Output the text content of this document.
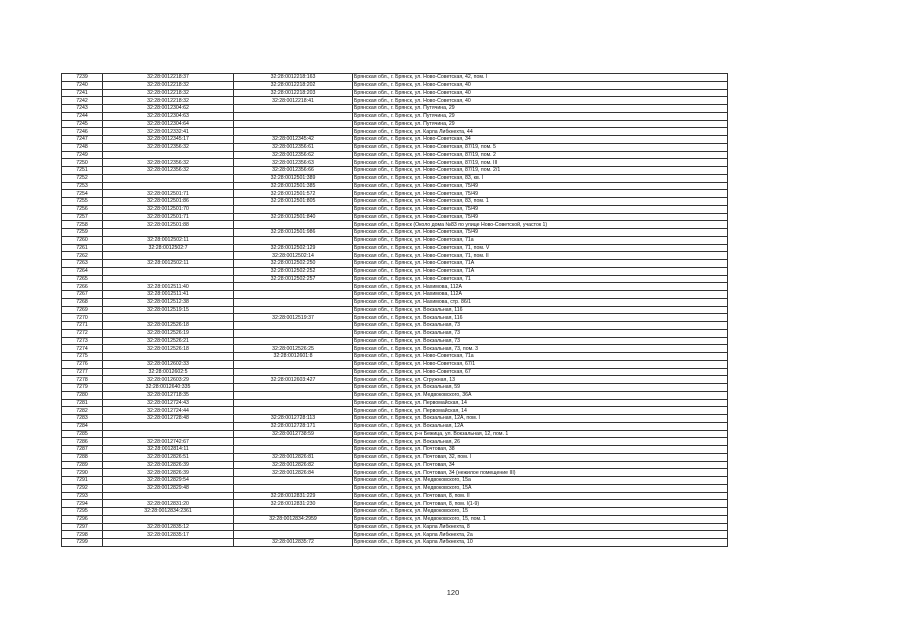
7239	32:28:0012218:37	32:28:0012218:163	Брянская обл., г. Брянск, ул. Ново-Советская, 42, пом. I
7240	32:28:0012218:32	32:28:0012218:202	Брянская обл., г. Брянск, ул. Ново-Советская, 40
7241	32:28:0012218:32	32:28:0012218:203	Брянская обл., г. Брянск, ул. Ново-Советская, 40
7242	32:28:0012218:32	32:28:0012218:41	Брянская обл., г. Брянск, ул. Ново-Советская, 40
7243	32:28:0012304:62		Брянская обл., г. Брянск, ул. Путячина, 29
7244	32:28:0012304:63		Брянская обл., г. Брянск, ул. Путячина, 29
7245	32:28:0012304:64		Брянская обл., г. Брянск, ул. Путячина, 29
7246	32:28:0012332:41		Брянская обл., г. Брянск, ул. Карла Либкнехта, 44
7247	32:28:0012345:17	32:28:0012345:42	Брянская обл., г. Брянск, ул. Ново-Советская, 34
7248	32:28:0012356:32	32:28:0012356:61	Брянская обл., г. Брянск, ул. Ново-Советская, 87/19, пом. 5
7249		32:28:0012356:62	Брянская обл., г. Брянск, ул. Ново-Советская, 87/19, пом. 2
7250	32:28:0012356:32	32:28:0012356:63	Брянская обл., г. Брянск, ул. Ново-Советская, 87/19, пом. III
7251	32:28:0012356:32	32:28:0012356:66	Брянская обл., г. Брянск, ул. Ново-Советская, 87/19, пом. 2/1
7252		32:28:0012501:389	Брянская обл., г. Брянск, ул. Ново-Советская, 83, кв. I
7253		32:28:0012501:385	Брянская обл., г. Брянск, ул. Ново-Советская, 75/49
7254	32:28:0012501:71	32:28:0012501:572	Брянская обл., г. Брянск, ул. Ново-Советская, 75/49
7255	32:28:0012501:86	32:28:0012501:805	Брянская обл., г. Брянск, ул. Ново-Советская, 83, пом. 1
7256	32:28:0012501:70		Брянская обл., г. Брянск, ул. Ново-Советская, 75/49
7257	32:28:0012501:71	32:28:0012501:840	Брянская обл., г. Брянск, ул. Ново-Советская, 75/49
7258	32:28:0012501:88		Брянская обл., г. Брянск (Около дома №83 по улице Ново-Советской, участок 1)
7259		32:28:0012501:986	Брянская обл., г. Брянск, ул. Ново-Советская, 75/49
7260	32:28:0012502:11		Брянская обл., г. Брянск, ул. Ново-Советская, 71а
7261	32:28:0012502:7	32:28:0012502:129	Брянская обл., г. Брянск, ул. Ново-Советская, 71, пом. V
7262		32:28:0012502:14	Брянская обл., г. Брянск, ул. Ново-Советская, 71, пом. II
7263	32:28:0012502:11	32:28:0012502:250	Брянская обл., г. Брянск, ул. Ново-Советская, 71А
7264		32:28:0012502:252	Брянская обл., г. Брянск, ул. Ново-Советская, 71А
7265		32:28:0012502:257	Брянская обл., г. Брянск, ул. Ново-Советская, 71
7266	32:28:0012511:40		Брянская обл., г. Брянск, ул. Нахимова, 112А
7267	32:28:0012511:41		Брянская обл., г. Брянск, ул. Нахимова, 112А
7268	32:28:0012512:38		Брянская обл., г. Брянск, ул. Нахимова, стр. 86/1
7269	32:28:0012519:15		Брянская обл., г. Брянск, ул. Вокзальная, 116
7270		32:28:0012519:37	Брянская обл., г. Брянск, ул. Вокзальная, 116
7271	32:28:0012526:18		Брянская обл., г. Брянск, ул. Вокзальная, 73
7272	32:28:0012526:19		Брянская обл., г. Брянск, ул. Вокзальная, 73
7273	32:28:0012526:21		Брянская обл., г. Брянск, ул. Вокзальная, 73
7274	32:28:0012526:18	32:28:0012526:25	Брянская обл., г. Брянск, ул. Вокзальная, 73, пом. 3
7275		32:28:0012601:8	Брянская обл., г. Брянск, ул. Ново-Советская, 71а
7276	32:28:0012602:33		Брянская обл., г. Брянск, ул. Ново-Советская, 67/1
7277	32:28:0012602:5		Брянская обл., г. Брянск, ул. Ново-Советская, 67
7278	32:28:0012603:29	32:28:0012603:427	Брянская обл., г. Брянск, ул. Сгружная, 13
7279	32:28:0012640:335		Брянская обл., г. Брянск, ул. Вокзальная, 59
7280	32:28:0012718:35		Брянская обл., г. Брянск, ул. Медвоковского, 36А
7281	32:28:0012724:43		Брянская обл., г. Брянск, ул. Первомайская, 14
7282	32:28:0012724:44		Брянская обл., г. Брянск, ул. Первомайская, 14
7283	32:28:0012728:48	32:28:0012728:113	Брянская обл., г. Брянск, ул. Вокзальная, 12А, пом. I
7284		32:28:0012728:171	Брянская обл., г. Брянск, ул. Вокзальная, 12А
7285		32:28:0012738:59	Брянская обл., г. Брянск, р-н Бежица, ул. Вокзальная, 12, пом. 1
7286	32:28:0012742:67		Брянская обл., г. Брянск, ул. Вокзальная, 26
7287	32:28:0012814:11		Брянская обл., г. Брянск, ул. Почтовая, 38
7288	32:28:0012826:51	32:28:0012826:81	Брянская обл., г. Брянск, ул. Почтовая, 32, пом. I
7289	32:28:0012826:39	32:28:0012826:82	Брянская обл., г. Брянск, ул. Почтовая, 34
7290	32:28:0012826:39	32:28:0012826:84	Брянская обл., г. Брянск, ул. Почтовая, 34 (нежилое помещение III)
7291	32:28:0012829:54		Брянская обл., г. Брянск, ул. Медвоковского, 15а
7292	32:28:0012829:48		Брянская обл., г. Брянск, ул. Медвоковского, 15А
7293		32:28:0012831:229	Брянская обл., г. Брянск, ул. Почтовая, 8, пом. II
7294	32:28:0012831:20	32:28:0012831:230	Брянская обл., г. Брянск, ул. Почтовая, 8, пом. I(1-9)
7295	32:28:0012834:2361		Брянская обл., г. Брянск, ул. Медвоковского, 15
7296		32:28:0012834:2959	Брянская обл., г. Брянск, ул. Медвоковского, 15, пом. 1
7297	32:28:0012835:12		Брянская обл., г. Брянск, ул. Карла Либкнехта, 8
7298	32:28:0012835:17		Брянская обл., г. Брянск, ул. Карла Либкнехта, 2а
7299		32:28:0012835:72	Брянская обл., г. Брянск, ул. Карла Либкнехта, 10
120
